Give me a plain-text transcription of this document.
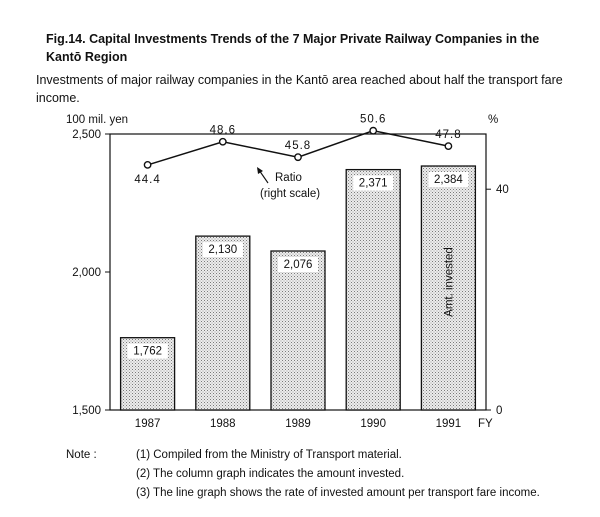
Fig.14. Capital Investments Trends of the 7 Major Private Railway Companies in the Kantō Region
Investments of major railway companies in the Kantō area reached about half the transport fare income.
1,500
2,000
2,500
100 mil. yen
0
40
%
1987	1988	1989	1990	1991 FY
1,762
2,130
2,076
2,371	2,384
Amt. invested
44.4
48.6
45.8
50.6
47.8
Ratio
(right scale)
Note :	(1) Compiled from the Ministry of Transport material.
(2) The column graph indicates the amount invested.
(3) The line graph shows the rate of invested amount per transport fare income.
